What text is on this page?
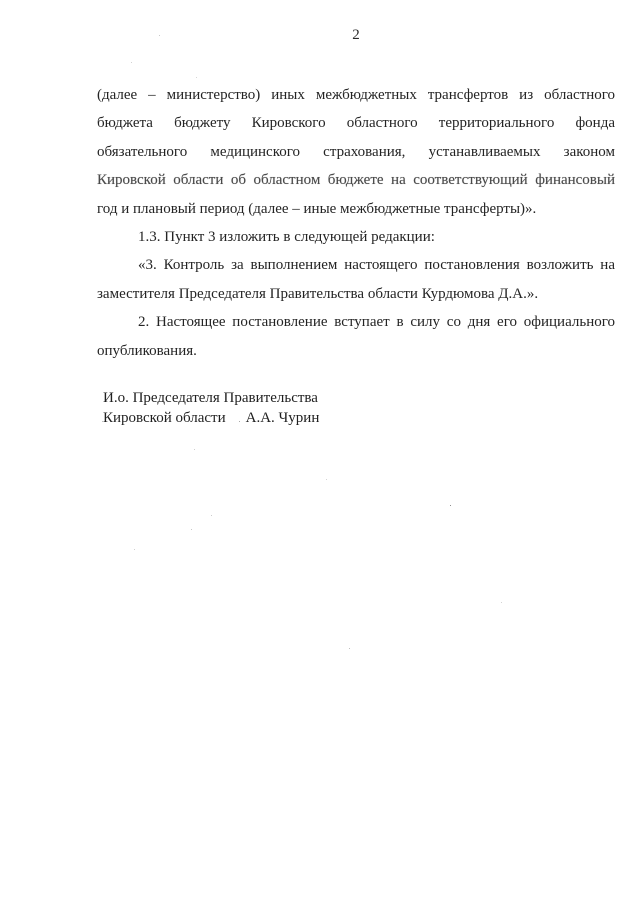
2
(далее – министерство) иных межбюджетных трансфертов из областного
бюджета бюджету Кировского областного территориального фонда
обязательного медицинского страхования, устанавливаемых законом
Кировской области об областном бюджете на соответствующий финансовый
год и плановый период (далее – иные межбюджетные трансферты)».
1.3. Пункт 3 изложить в следующей редакции:
«3. Контроль за выполнением настоящего постановления возложить на
заместителя Председателя Правительства области Курдюмова Д.А.».
2. Настоящее постановление вступает в силу со дня его официального
опубликования.
И.о. Председателя Правительства
Кировской области А.А. Чурин
